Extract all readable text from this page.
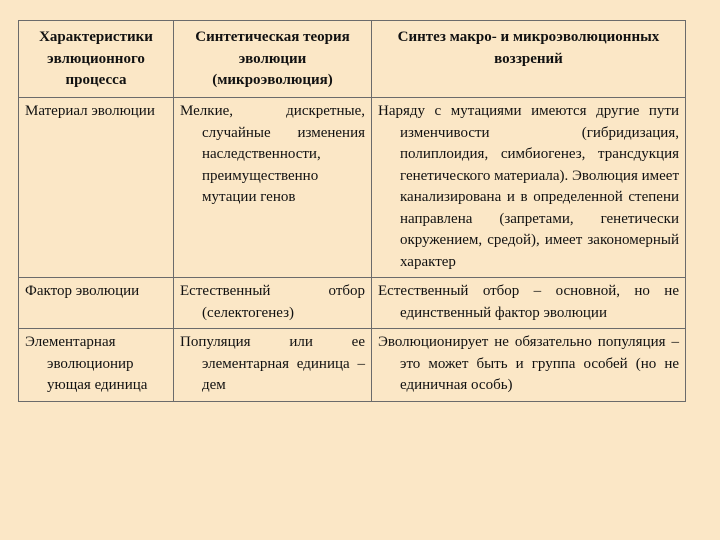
Характеристики эвлюционного процесса	Синтетическая теория эволюции (микроэволюция)	Синтез макро- и микроэволюционных воззрений
Материал эволюции	Мелкие, дискретные, случайные изменения наследственности, преимущественно мутации генов	Наряду с мутациями имеются другие пути изменчивости (гибридизация, полиплоидия, симбиогенез, трансдукция генетического материала). Эволюция имеет канализирована и в определенной степени направлена (запретами, генетически окружением, средой), имеет закономерный характер
Фактор эволюции	Естественный отбор (селектогенез)	Естественный отбор – основной, но не единственный фактор эволюции
Элементарная эволюционир ующая единица	Популяция или ее элементарная единица – дем	Эволюционирует не обязательно популяция – это может быть и группа особей (но не единичная особь)
